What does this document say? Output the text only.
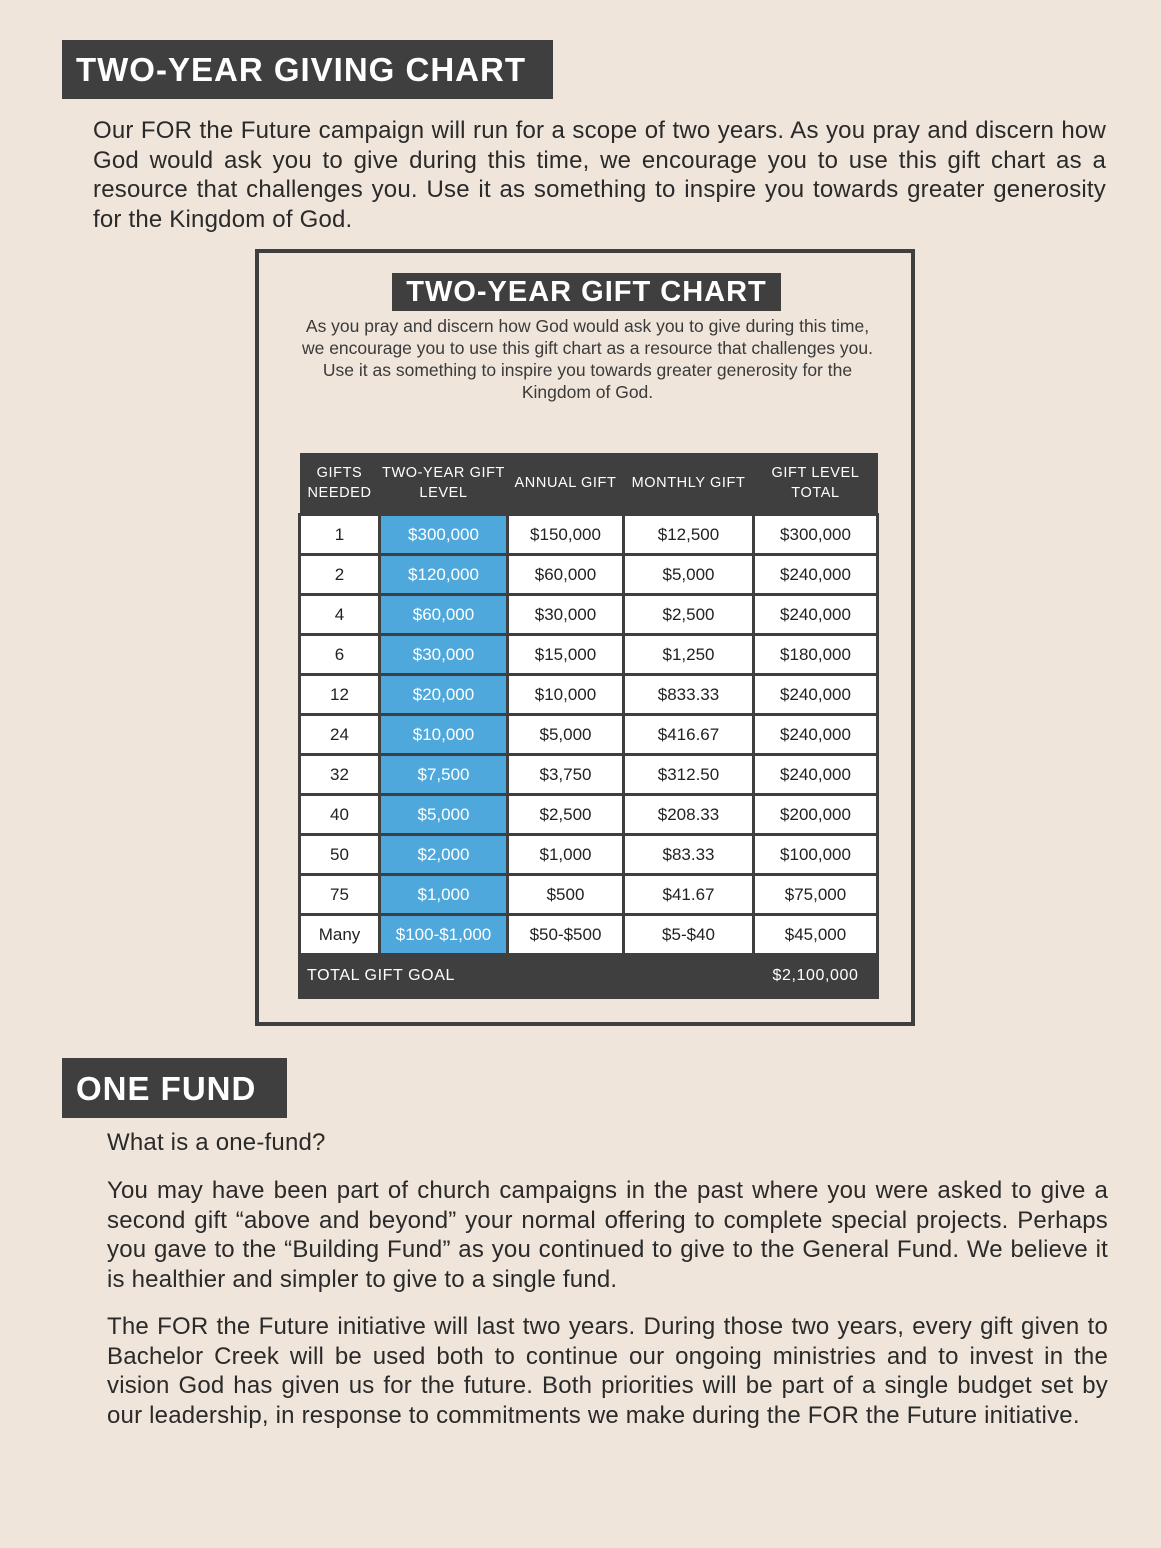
TWO-YEAR GIVING CHART

Our FOR the Future campaign will run for a scope of two years. As you pray and discern how God would ask you to give during this time, we encourage you to use this gift chart as a resource that challenges you. Use it as something to inspire you towards greater generosity for the Kingdom of God.

TWO-YEAR GIFT CHART

As you pray and discern how God would ask you to give during this time, we encourage you to use this gift chart as a resource that challenges you. Use it as something to inspire you towards greater generosity for the Kingdom of God.

GIFTS NEEDED	TWO-YEAR GIFT LEVEL	ANNUAL GIFT	MONTHLY GIFT	GIFT LEVEL TOTAL
1	$300,000	$150,000	$12,500	$300,000
2	$120,000	$60,000	$5,000	$240,000
4	$60,000	$30,000	$2,500	$240,000
6	$30,000	$15,000	$1,250	$180,000
12	$20,000	$10,000	$833.33	$240,000
24	$10,000	$5,000	$416.67	$240,000
32	$7,500	$3,750	$312.50	$240,000
40	$5,000	$2,500	$208.33	$200,000
50	$2,000	$1,000	$83.33	$100,000
75	$1,000	$500	$41.67	$75,000
Many	$100-$1,000	$50-$500	$5-$40	$45,000
TOTAL GIFT GOAL				$2,100,000
ONE FUND

What is a one-fund?

You may have been part of church campaigns in the past where you were asked to give a second gift “above and beyond” your normal offering to complete special projects. Perhaps you gave to the “Building Fund” as you continued to give to the General Fund. We believe it is healthier and simpler to give to a single fund.

The FOR the Future initiative will last two years. During those two years, every gift given to Bachelor Creek will be used both to continue our ongoing ministries and to invest in the vision God has given us for the future. Both priorities will be part of a single budget set by our leadership, in response to commitments we make during the FOR the Future initiative.
